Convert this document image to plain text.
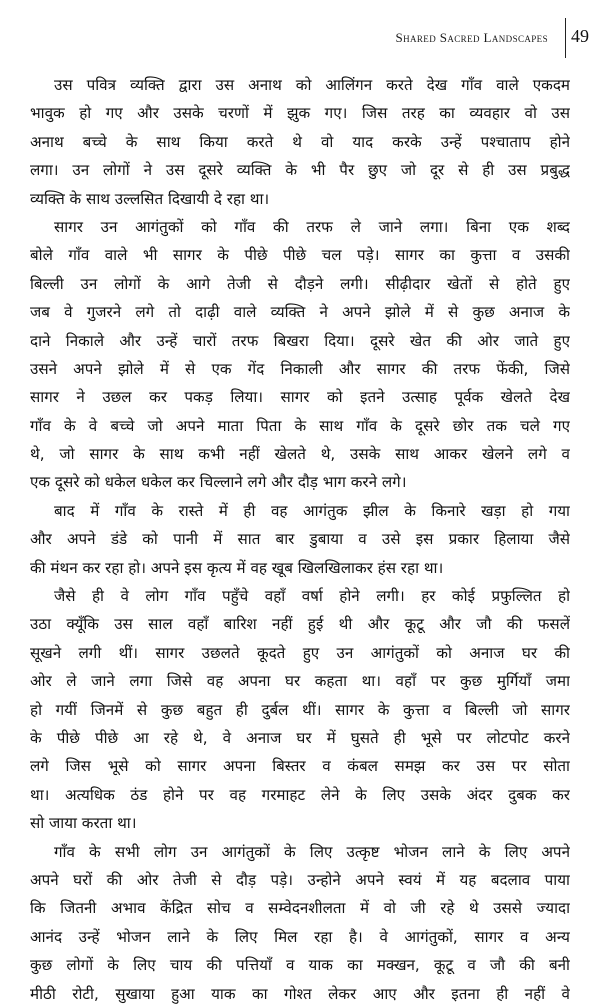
Shared Sacred Landscapes 49
उस पवित्र व्यक्ति द्वारा उस अनाथ को आलिंगन करते देख गाँव वाले एकदम
भावुक हो गए और उसके चरणों में झुक गए। जिस तरह का व्यवहार वो उस
अनाथ बच्चे के साथ किया करते थे वो याद करके उन्हें पश्चाताप होने
लगा। उन लोगों ने उस दूसरे व्यक्ति के भी पैर छुए जो दूर से ही उस प्रबुद्ध
व्यक्ति के साथ उल्लसित दिखायी दे रहा था।
सागर उन आगंतुकों को गाँव की तरफ ले जाने लगा। बिना एक शब्द
बोले गाँव वाले भी सागर के पीछे पीछे चल पड़े। सागर का कुत्ता व उसकी
बिल्ली उन लोगों के आगे तेजी से दौड़ने लगी। सीढ़ीदार खेतों से होते हुए
जब वे गुजरने लगे तो दाढ़ी वाले व्यक्ति ने अपने झोले में से कुछ अनाज के
दाने निकाले और उन्हें चारों तरफ बिखरा दिया। दूसरे खेत की ओर जाते हुए
उसने अपने झोले में से एक गेंद निकाली और सागर की तरफ फेंकी, जिसे
सागर ने उछल कर पकड़ लिया। सागर को इतने उत्साह पूर्वक खेलते देख
गाँव के वे बच्चे जो अपने माता पिता के साथ गाँव के दूसरे छोर तक चले गए
थे, जो सागर के साथ कभी नहीं खेलते थे, उसके साथ आकर खेलने लगे व
एक दूसरे को धकेल धकेल कर चिल्लाने लगे और दौड़ भाग करने लगे।
बाद में गाँव के रास्ते में ही वह आगंतुक झील के किनारे खड़ा हो गया
और अपने डंडे को पानी में सात बार डुबाया व उसे इस प्रकार हिलाया जैसे
की मंथन कर रहा हो। अपने इस कृत्य में वह खूब खिलखिलाकर हंस रहा था।
जैसे ही वे लोग गाँव पहुँचे वहाँ वर्षा होने लगी। हर कोई प्रफुल्लित हो
उठा क्यूँकि उस साल वहाँ बारिश नहीं हुई थी और कूटू और जौ की फसलें
सूखने लगी थीं। सागर उछलते कूदते हुए उन आगंतुकों को अनाज घर की
ओर ले जाने लगा जिसे वह अपना घर कहता था। वहाँ पर कुछ मुर्गियाँ जमा
हो गयीं जिनमें से कुछ बहुत ही दुर्बल थीं। सागर के कुत्ता व बिल्ली जो सागर
के पीछे पीछे आ रहे थे, वे अनाज घर में घुसते ही भूसे पर लोटपोट करने
लगे जिस भूसे को सागर अपना बिस्तर व कंबल समझ कर उस पर सोता
था। अत्यधिक ठंड होने पर वह गरमाहट लेने के लिए उसके अंदर दुबक कर
सो जाया करता था।
गाँव के सभी लोग उन आगंतुकों के लिए उत्कृष्ट भोजन लाने के लिए अपने
अपने घरों की ओर तेजी से दौड़ पड़े। उन्होने अपने स्वयं में यह बदलाव पाया
कि जितनी अभाव केंद्रित सोच व सम्वेदनशीलता में वो जी रहे थे उससे ज्यादा
आनंद उन्हें भोजन लाने के लिए मिल रहा है। वे आगंतुकों, सागर व अन्य
कुछ लोगों के लिए चाय की पत्तियाँ व याक का मक्खन, कूटू व जौ की बनी
मीठी रोटी, सुखाया हुआ याक का गोश्त लेकर आए और इतना ही नहीं वे
